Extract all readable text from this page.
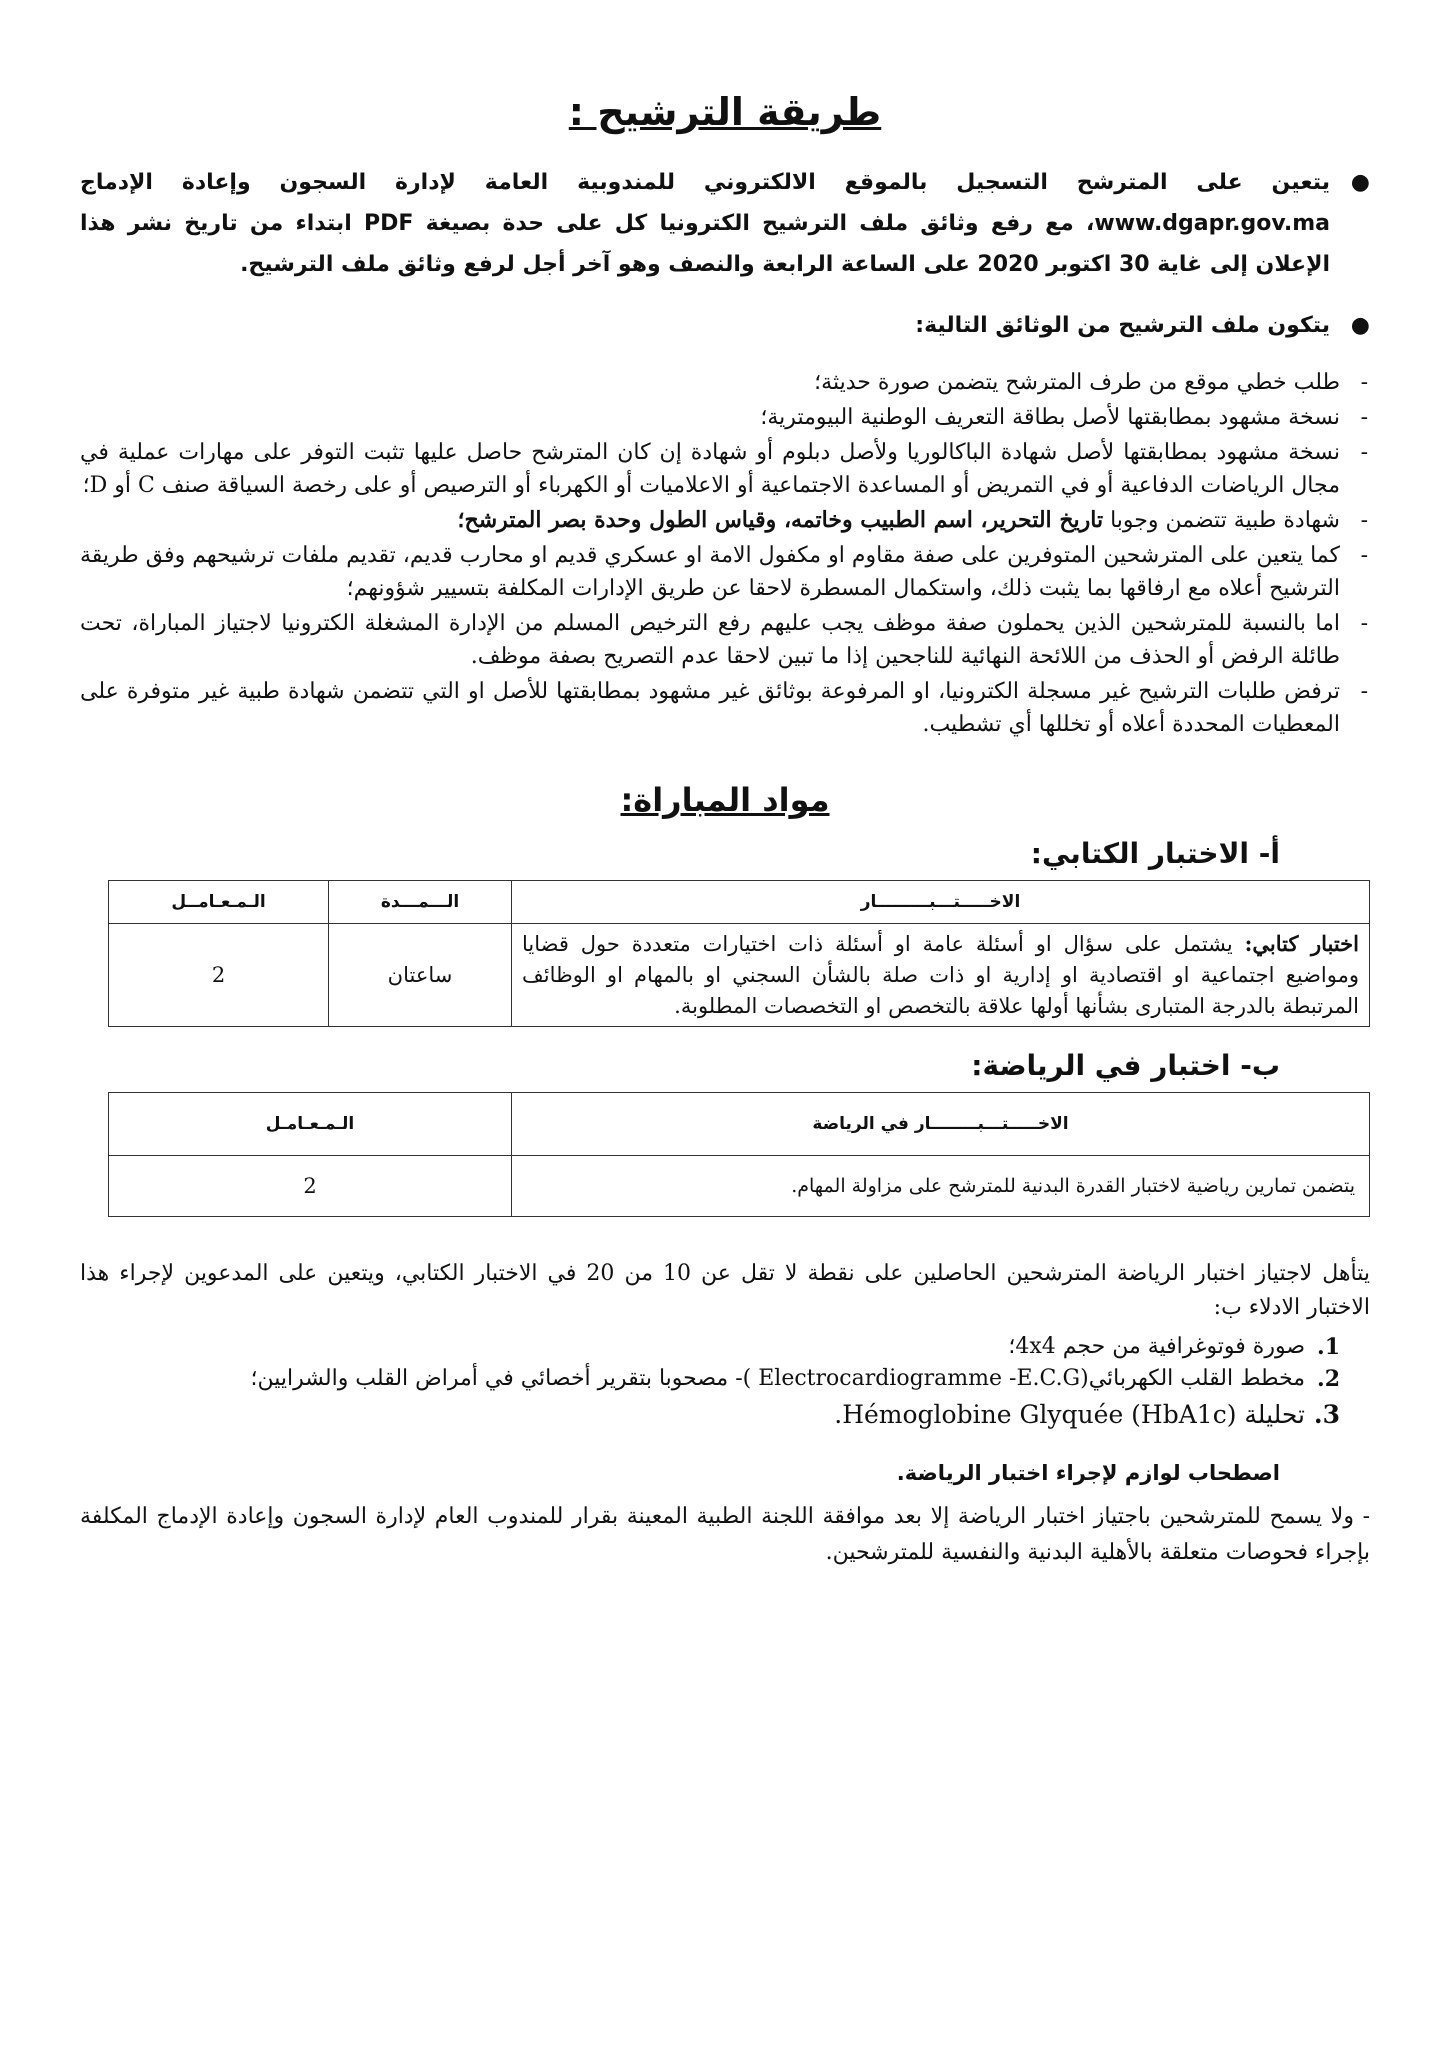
طريقة الترشيح :
●
يتعين على المترشح التسجيل بالموقع الالكتروني للمندوبية العامة لإدارة السجون وإعادة الإدماج www.dgapr.gov.ma، مع رفع وثائق ملف الترشيح الكترونيا كل على حدة بصيغة PDF ابتداء من تاريخ نشر هذا الإعلان إلى غاية 30 اكتوبر 2020 على الساعة الرابعة والنصف وهو آخر أجل لرفع وثائق ملف الترشيح.
●
يتكون ملف الترشيح من الوثائق التالية:
-
طلب خطي موقع من طرف المترشح يتضمن صورة حديثة؛
-
نسخة مشهود بمطابقتها لأصل بطاقة التعريف الوطنية البيومترية؛
-
نسخة مشهود بمطابقتها لأصل شهادة الباكالوريا ولأصل دبلوم أو شهادة إن كان المترشح حاصل عليها تثبت التوفر على مهارات عملية في مجال الرياضات الدفاعية أو في التمريض أو المساعدة الاجتماعية أو الاعلاميات أو الكهرباء أو الترصيص أو على رخصة السياقة صنف C أو D؛
-
شهادة طبية تتضمن وجوبا تاريخ التحرير، اسم الطبيب وخاتمه، وقياس الطول وحدة بصر المترشح؛
-
كما يتعين على المترشحين المتوفرين على صفة مقاوم او مكفول الامة او عسكري قديم او محارب قديم، تقديم ملفات ترشيحهم وفق طريقة الترشيح أعلاه مع ارفاقها بما يثبت ذلك، واستكمال المسطرة لاحقا عن طريق الإدارات المكلفة بتسيير شؤونهم؛
-
اما بالنسبة للمترشحين الذين يحملون صفة موظف يجب عليهم رفع الترخيص المسلم من الإدارة المشغلة الكترونيا لاجتياز المباراة، تحت طائلة الرفض أو الحذف من اللائحة النهائية للناجحين إذا ما تبين لاحقا عدم التصريح بصفة موظف.
-
ترفض طلبات الترشيح غير مسجلة الكترونيا، او المرفوعة بوثائق غير مشهود بمطابقتها للأصل او التي تتضمن شهادة طبية غير متوفرة على المعطيات المحددة أعلاه أو تخللها أي تشطيب.
مواد المباراة:
أ- الاختبار الكتابي:
الاخـــــتـــبـــــــــار	الـــمـــدة	الـمـعـامــل
اختبار كتابي: يشتمل على سؤال او أسئلة عامة او أسئلة ذات اختيارات متعددة حول قضايا ومواضيع اجتماعية او اقتصادية او إدارية او ذات صلة بالشأن السجني او بالمهام او الوظائف المرتبطة بالدرجة المتبارى بشأنها أولها علاقة بالتخصص او التخصصات المطلوبة.	ساعتان	2
ب- اختبار في الرياضة:
الاخـــــتـــبــــــــار في الرياضة	الـمـعـامـل
يتضمن تمارين رياضية لاختبار القدرة البدنية للمترشح على مزاولة المهام.	2

يتأهل لاجتياز اختبار الرياضة المترشحين الحاصلين على نقطة لا تقل عن 10 من 20 في الاختبار الكتابي، ويتعين على المدعوين لإجراء هذا الاختبار الادلاء ب:

1.
صورة فوتوغرافية من حجم 4x4؛
2.
مخطط القلب الكهربائي(Electrocardiogramme -E.C.G )- مصحوبا بتقرير أخصائي في أمراض القلب والشرايين؛
3.
تحليلة (Hémoglobine Glyquée (HbA1c.
اصطحاب لوازم لإجراء اختبار الرياضة.

- ولا يسمح للمترشحين باجتياز اختبار الرياضة إلا بعد موافقة اللجنة الطبية المعينة بقرار للمندوب العام لإدارة السجون وإعادة الإدماج المكلفة بإجراء فحوصات متعلقة بالأهلية البدنية والنفسية للمترشحين.
